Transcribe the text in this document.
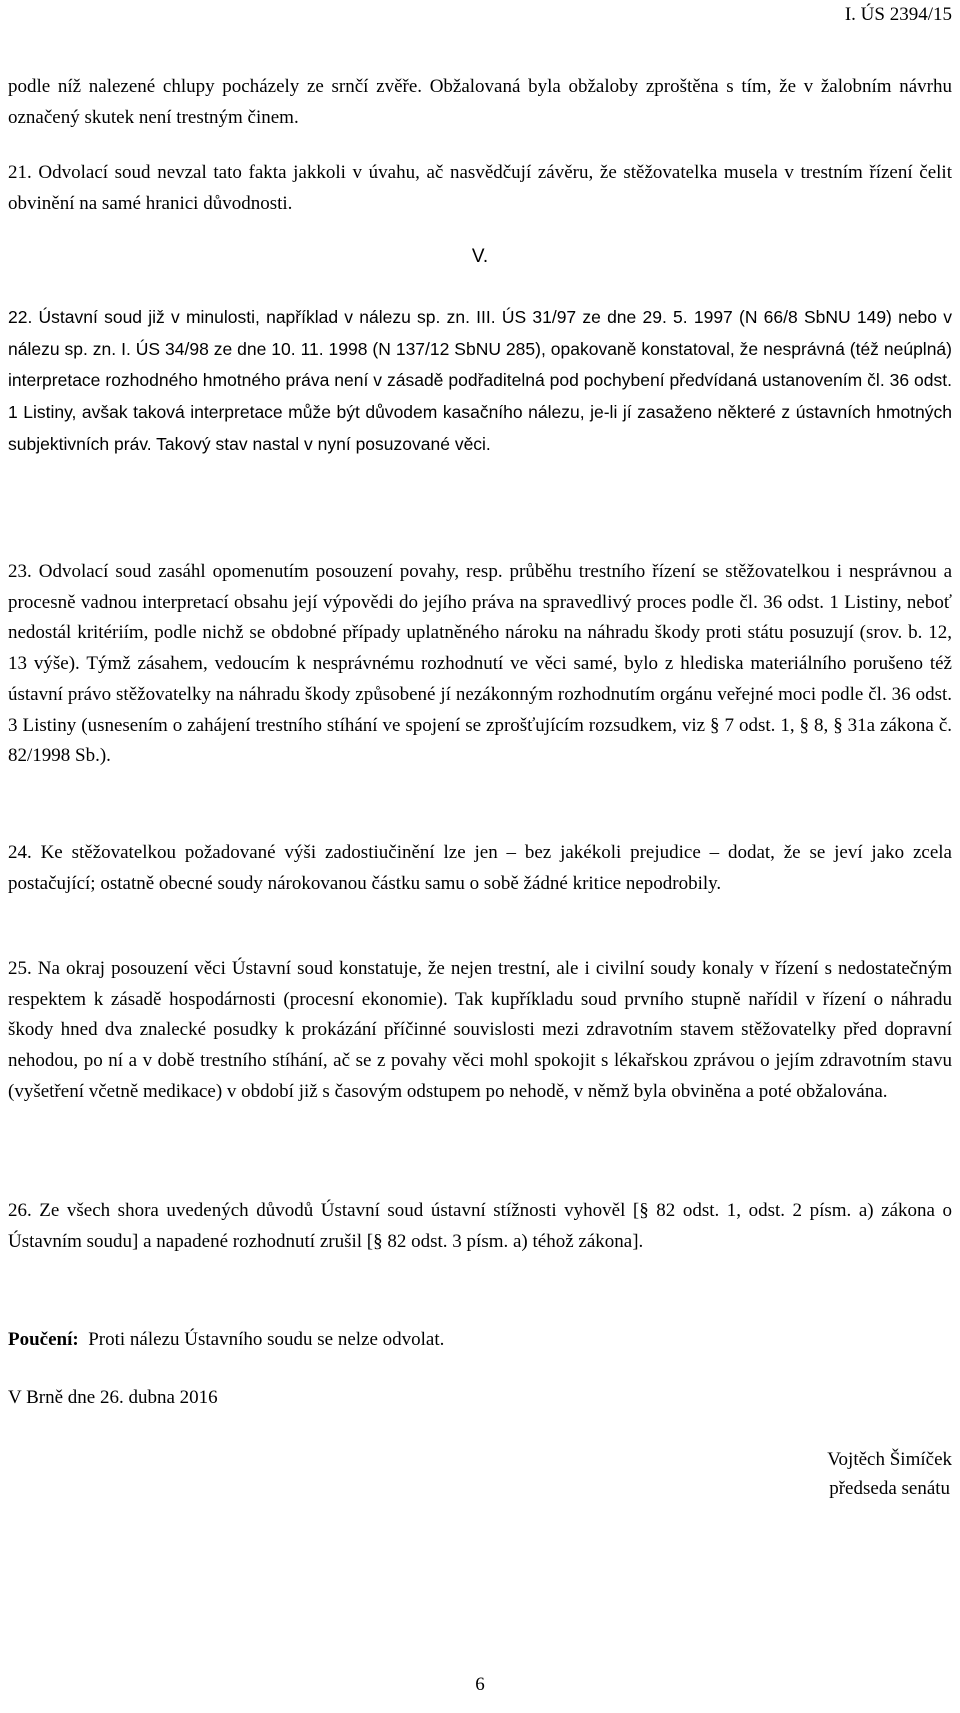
I. ÚS 2394/15

podle níž nalezené chlupy pocházely ze srnčí zvěře. Obžalovaná byla obžaloby zproštěna s tím, že v žalobním návrhu označený skutek není trestným činem.

21. Odvolací soud nevzal tato fakta jakkoli v úvahu, ač nasvědčují závěru, že stěžovatelka musela v trestním řízení čelit obvinění na samé hranici důvodnosti.

V.

22. Ústavní soud již v minulosti, například v nálezu sp. zn. III. ÚS 31/97 ze dne 29. 5. 1997 (N 66/8 SbNU 149) nebo v nálezu sp. zn. I. ÚS 34/98 ze dne 10. 11. 1998 (N 137/12 SbNU 285), opakovaně konstatoval, že nesprávná (též neúplná) interpretace rozhodného hmotného práva není v zásadě podřaditelná pod pochybení předvídaná ustanovením čl. 36 odst. 1 Listiny, avšak taková interpretace může být důvodem kasačního nálezu, je-li jí zasaženo některé z ústavních hmotných subjektivních práv. Takový stav nastal v nyní posuzované věci.

23. Odvolací soud zasáhl opomenutím posouzení povahy, resp. průběhu trestního řízení se stěžovatelkou i nesprávnou a procesně vadnou interpretací obsahu její výpovědi do jejího práva na spravedlivý proces podle čl. 36 odst. 1 Listiny, neboť nedostál kritériím, podle nichž se obdobné případy uplatněného nároku na náhradu škody proti státu posuzují (srov. b. 12, 13 výše). Týmž zásahem, vedoucím k nesprávnému rozhodnutí ve věci samé, bylo z hlediska materiálního porušeno též ústavní právo stěžovatelky na náhradu škody způsobené jí nezákonným rozhodnutím orgánu veřejné moci podle čl. 36 odst. 3 Listiny (usnesením o zahájení trestního stíhání ve spojení se zprošťujícím rozsudkem, viz § 7 odst. 1, § 8, § 31a zákona č. 82/1998 Sb.).

24. Ke stěžovatelkou požadované výši zadostiučinění lze jen – bez jakékoli prejudice – dodat, že se jeví jako zcela postačující; ostatně obecné soudy nárokovanou částku samu o sobě žádné kritice nepodrobily.

25. Na okraj posouzení věci Ústavní soud konstatuje, že nejen trestní, ale i civilní soudy konaly v řízení s nedostatečným respektem k zásadě hospodárnosti (procesní ekonomie). Tak kupříkladu soud prvního stupně nařídil v řízení o náhradu škody hned dva znalecké posudky k prokázání příčinné souvislosti mezi zdravotním stavem stěžovatelky před dopravní nehodou, po ní a v době trestního stíhání, ač se z povahy věci mohl spokojit s lékařskou zprávou o jejím zdravotním stavu (vyšetření včetně medikace) v období již s časovým odstupem po nehodě, v němž byla obviněna a poté obžalována.

26. Ze všech shora uvedených důvodů Ústavní soud ústavní stížnosti vyhověl [§ 82 odst. 1, odst. 2 písm. a) zákona o Ústavním soudu] a napadené rozhodnutí zrušil [§ 82 odst. 3 písm. a) téhož zákona].

Poučení: Proti nálezu Ústavního soudu se nelze odvolat.

V Brně dne 26. dubna 2016

Vojtěch Šimíček
předseda senátu
6
